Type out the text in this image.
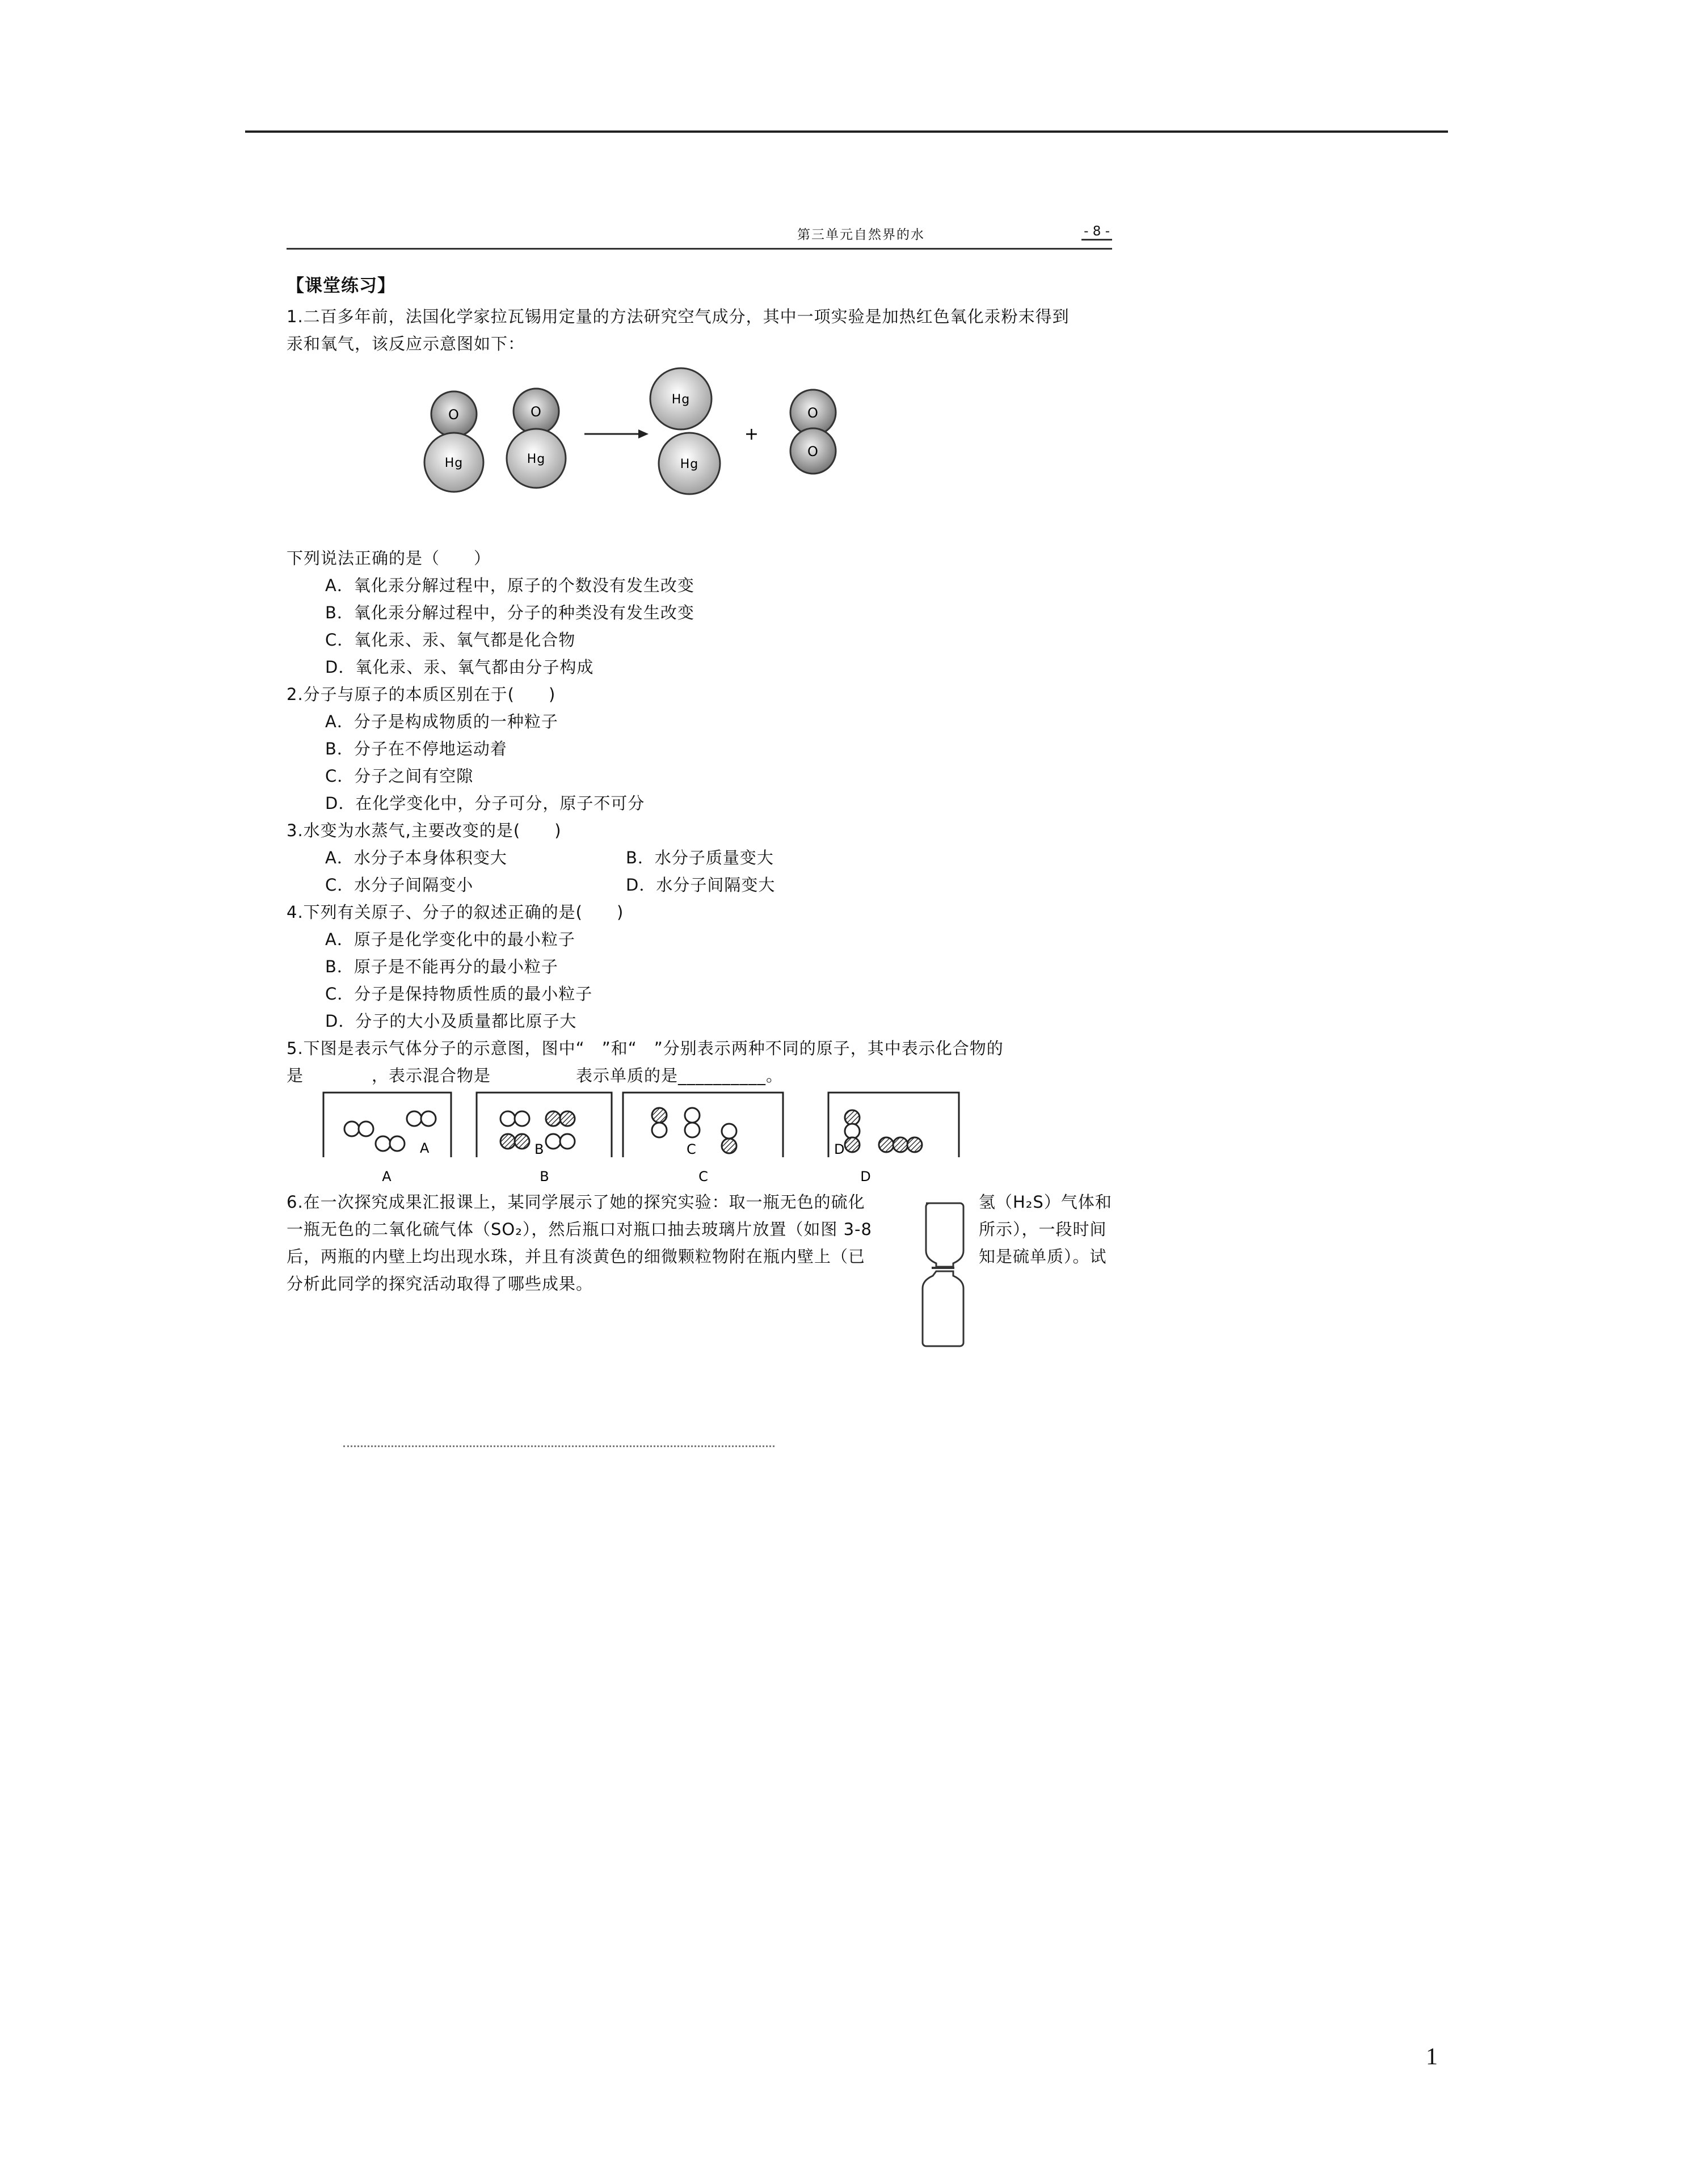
第三单元自然界的水	- 8 -
【课堂练习】
1.二百多年前，法国化学家拉瓦锡用定量的方法研究空气成分，其中一项实验是加热红色氧化汞粉末得到
汞和氧气，该反应示意图如下：
O
Hg
O
Hg
Hg
Hg
+
O
O
下列说法正确的是（　　）
A．氧化汞分解过程中，原子的个数没有发生改变
B．氧化汞分解过程中，分子的种类没有发生改变
C．氧化汞、汞、氧气都是化合物
D．氧化汞、汞、氧气都由分子构成
2.分子与原子的本质区别在于(　　)
A．分子是构成物质的一种粒子
B．分子在不停地运动着
C．分子之间有空隙
D．在化学变化中，分子可分，原子不可分
3.水变为水蒸气,主要改变的是(　　)
A．水分子本身体积变大	B．水分子质量变大
C．水分子间隔变小	D．水分子间隔变大
4.下列有关原子、分子的叙述正确的是(　　)
A．原子是化学变化中的最小粒子
B．原子是不能再分的最小粒子
C．分子是保持物质性质的最小粒子
D．分子的大小及质量都比原子大
5.下图是表示气体分子的示意图，图中“　”和“　”分别表示两种不同的原子，其中表示化合物的
是　　　　，表示混合物是　　　　　表示单质的是__________。
A	B	C	D
A	B	C	D
6.在一次探究成果汇报课上，某同学展示了她的探究实验：取一瓶无色的硫化
一瓶无色的二氧化硫气体（SO₂），然后瓶口对瓶口抽去玻璃片放置（如图 3-8
后，两瓶的内壁上均出现水珠，并且有淡黄色的细微颗粒物附在瓶内壁上（已
分析此同学的探究活动取得了哪些成果。
氢（H₂S）气体和
所示），一段时间
知是硫单质）。试
1
